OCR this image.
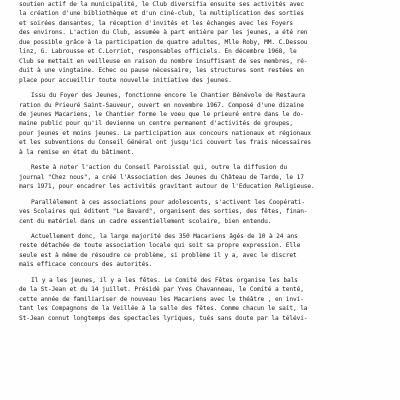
soutien actif de la municipalité, le Club diversifia ensuite ses activités avec
la création d'une bibliothèque et d'un ciné-club, la multiplication des sorties
et soirées dansantes, la réception d'invités et les échanges avec les Foyers
des environs. L'action du Club, assumée à part entière par les jeunes, a été ren
due possible grâce à la participation de quatre adultes, Mlle Roby, MM. C.Dessou
linz, G. Labrousse et C.Lorriot, responsables officiels. En décembre 1968, le
Club se mettait en veilleuse en raison du nombre insuffisant de ses membres, ré-
duit à une vingtaine. Echec ou pause nécessaire, les structures sont restées en
place pour accueillir toute nouvelle initiative des jeunes.
Issu du Foyer des Jeunes, fonctionne encore le Chantier Bénévole de Restaura
ration du Prieuré Saint-Sauveur, ouvert en novembre 1967. Composé d'une dizaine
de jeunes Macariens, le Chantier forme le voeu que le prieuré entre dans le do-
maine public pour qu'il devienne un centre permanent d'activités de groupes,
pour jeunes et moins jeunes. La participation aux concours nationaux et régionaux
et les subventions du Conseil Général ont jusqu'ici couvert les frais nécessaires
à la remise en état du bâtiment.
Reste à noter l'action du Conseil Paroissial qui, outre la diffusion du
journal "Chez nous", a créé l'Association des Jeunes du Château de Tarde, le 17
mars 1971, pour encadrer les activités gravitant autour de l'Education Religieuse.
Parallèlement à ces associations pour adolescents, s'activent les Coopérati-
ves Scolaires qui éditent "Le Bavard", organisent des sorties, des fêtes, finan-
cent du matériel dans un cadre essentiellement scolaire, bien entendu.
Actuellement donc, la large majorité des 350 Macariens âgés de 10 à 24 ans
reste détachée de toute association locale qui soit sa propre expression. Elle
seule est à même de résoudre ce problème, si problème il y a, avec le discret
mais efficace concours des autorités.
Il y a les jeunes, il y a les fêtes. Le Comité des Fêtes organise les bals
de la St-Jean et du 14 juillet. Présidé par Yves Chavanneau, le Comité a tenté,
cette année de familiariser de nouveau les Macariens avec le théâtre , en invi-
tant les Compagnons de la Veillée à la salle des fêtes. Comme chacun le sait, la
St-Jean connut longtemps des spectacles lyriques, tués sans doute par la télévi-
